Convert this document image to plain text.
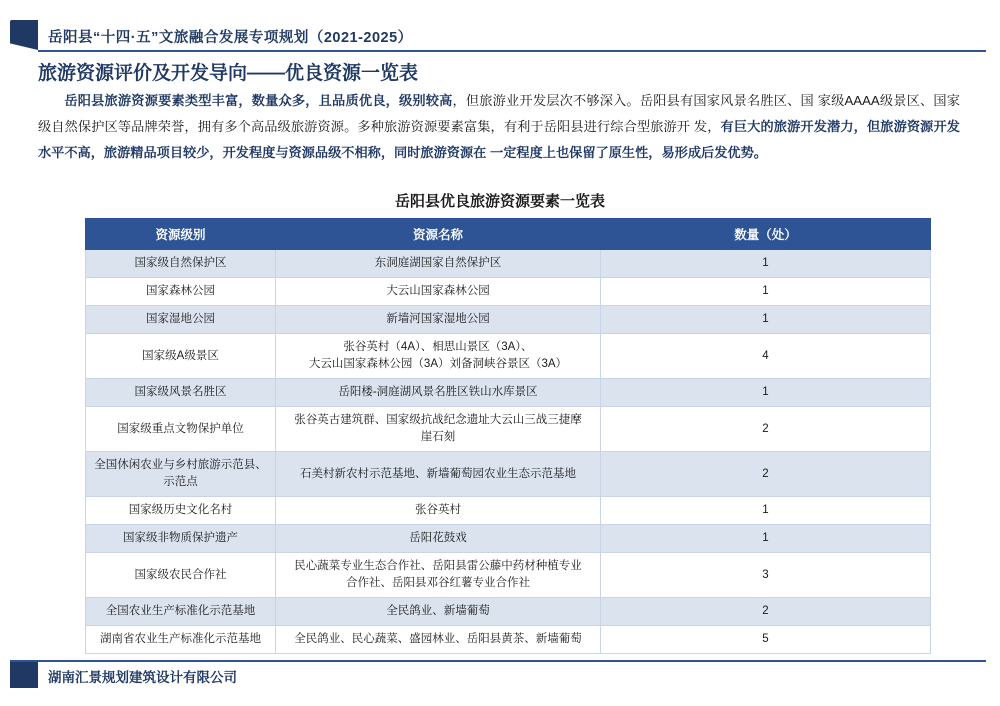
岳阳县“十四·五”文旅融合发展专项规划（2021-2025）
旅游资源评价及开发导向——优良资源一览表
岳阳县旅游资源要素类型丰富，数量众多，且品质优良，级别较高，但旅游业开发层次不够深入。岳阳县有国家风景名胜区、国 家级AAAA级景区、国家级自然保护区等品牌荣誉，拥有多个高品级旅游资源。多种旅游资源要素富集，有利于岳阳县进行综合型旅游开 发，有巨大的旅游开发潜力，但旅游资源开发水平不高，旅游精品项目较少，开发程度与资源品级不相称，同时旅游资源在 一定程度上也保留了原生性，易形成后发优势。
岳阳县优良旅游资源要素一览表
资源级别	资源名称	数量（处）
国家级自然保护区	东洞庭湖国家自然保护区	1
国家森林公园	大云山国家森林公园	1
国家湿地公园	新墙河国家湿地公园	1
国家级A级景区	张谷英村（4A）、相思山景区（3A）、
大云山国家森林公园（3A）刘备洞峡谷景区（3A）	4
国家级风景名胜区	岳阳楼-洞庭湖风景名胜区铁山水库景区	1
国家级重点文物保护单位	张谷英古建筑群、国家级抗战纪念遗址大云山三战三捷摩
崖石刻	2
全国休闲农业与乡村旅游示范县、
示范点	石美村新农村示范基地、新墙葡萄园农业生态示范基地	2
国家级历史文化名村	张谷英村	1
国家级非物质保护遗产	岳阳花鼓戏	1
国家级农民合作社	民心蔬菜专业生态合作社、岳阳县雷公藤中药材种植专业
合作社、岳阳县邓谷红薯专业合作社	3
全国农业生产标准化示范基地	全民鸽业、新墙葡萄	2
湖南省农业生产标准化示范基地	全民鸽业、民心蔬菜、盛园林业、岳阳县黄茶、新墙葡萄	5
湖南汇景规划建筑设计有限公司
